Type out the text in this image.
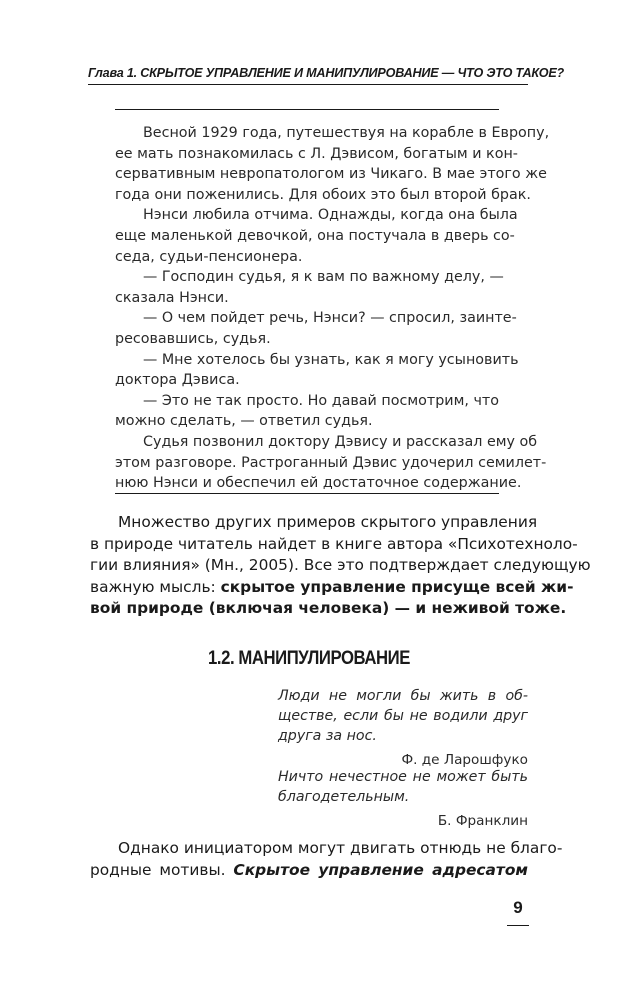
Глава 1. СКРЫТОЕ УПРАВЛЕНИЕ И МАНИПУЛИРОВАНИЕ — ЧТО ЭТО ТАКОЕ?
Весной 1929 года, путешествуя на корабле в Европу,
ее мать познакомилась с Л. Дэвисом, богатым и кон-
сервативным невропатологом из Чикаго. В мае этого же
года они поженились. Для обоих это был второй брак.
Нэнси любила отчима. Однажды, когда она была
еще маленькой девочкой, она постучала в дверь со-
седа, судьи-пенсионера.
— Господин судья, я к вам по важному делу, —
сказала Нэнси.
— О чем пойдет речь, Нэнси? — спросил, заинте-
ресовавшись, судья.
— Мне хотелось бы узнать, как я могу усыновить
доктора Дэвиса.
— Это не так просто. Но давай посмотрим, что
можно сделать, — ответил судья.
Судья позвонил доктору Дэвису и рассказал ему об
этом разговоре. Растроганный Дэвис удочерил семилет-
нюю Нэнси и обеспечил ей достаточное содержание.
Множество других примеров скрытого управления
в природе читатель найдет в книге автора «Психотехноло-
гии влияния» (Мн., 2005). Все это подтверждает следующую
важную мысль: скрытое управление присуще всей жи-
вой природе (включая человека) — и неживой тоже.
1.2. МАНИПУЛИРОВАНИЕ
Люди не могли бы жить в об-
ществе, если бы не водили друг
друга за нос.
Ф. де Ларошфуко
Ничто нечестное не может быть
благодетельным.
Б. Франклин
Однако инициатором могут двигать отнюдь не благо-
родные мотивы. Скрытое управление адресатом
9
